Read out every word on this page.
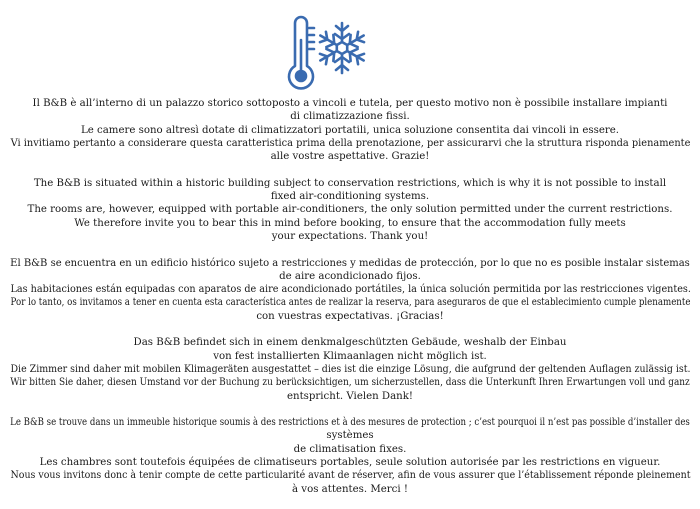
Il B&B è all’interno di un palazzo storico sottoposto a vincoli e tutela, per questo motivo non è possibile installare impianti
di climatizzazione fissi.
Le camere sono altresì dotate di climatizzatori portatili, unica soluzione consentita dai vincoli in essere.
Vi invitiamo pertanto a considerare questa caratteristica prima della prenotazione, per assicurarvi che la struttura risponda pienamente
alle vostre aspettative. Grazie!
The B&B is situated within a historic building subject to conservation restrictions, which is why it is not possible to install
fixed air-conditioning systems.
The rooms are, however, equipped with portable air-conditioners, the only solution permitted under the current restrictions.
We therefore invite you to bear this in mind before booking, to ensure that the accommodation fully meets
your expectations. Thank you!
El B&B se encuentra en un edificio histórico sujeto a restricciones y medidas de protección, por lo que no es posible instalar sistemas
de aire acondicionado fijos.
Las habitaciones están equipadas con aparatos de aire acondicionado portátiles, la única solución permitida por las restricciones vigentes.
Por lo tanto, os invitamos a tener en cuenta esta característica antes de realizar la reserva, para aseguraros de que el establecimiento cumple plenamente
con vuestras expectativas. ¡Gracias!
Das B&B befindet sich in einem denkmalgeschützten Gebäude, weshalb der Einbau
von fest installierten Klimaanlagen nicht möglich ist.
Die Zimmer sind daher mit mobilen Klimageräten ausgestattet – dies ist die einzige Lösung, die aufgrund der geltenden Auflagen zulässig ist.
Wir bitten Sie daher, diesen Umstand vor der Buchung zu berücksichtigen, um sicherzustellen, dass die Unterkunft Ihren Erwartungen voll und ganz
entspricht. Vielen Dank!
Le B&B se trouve dans un immeuble historique soumis à des restrictions et à des mesures de protection ; c’est pourquoi il n’est pas possible d’installer des
systèmes
de climatisation fixes.
Les chambres sont toutefois équipées de climatiseurs portables, seule solution autorisée par les restrictions en vigueur.
Nous vous invitons donc à tenir compte de cette particularité avant de réserver, afin de vous assurer que l’établissement réponde pleinement
à vos attentes. Merci !
